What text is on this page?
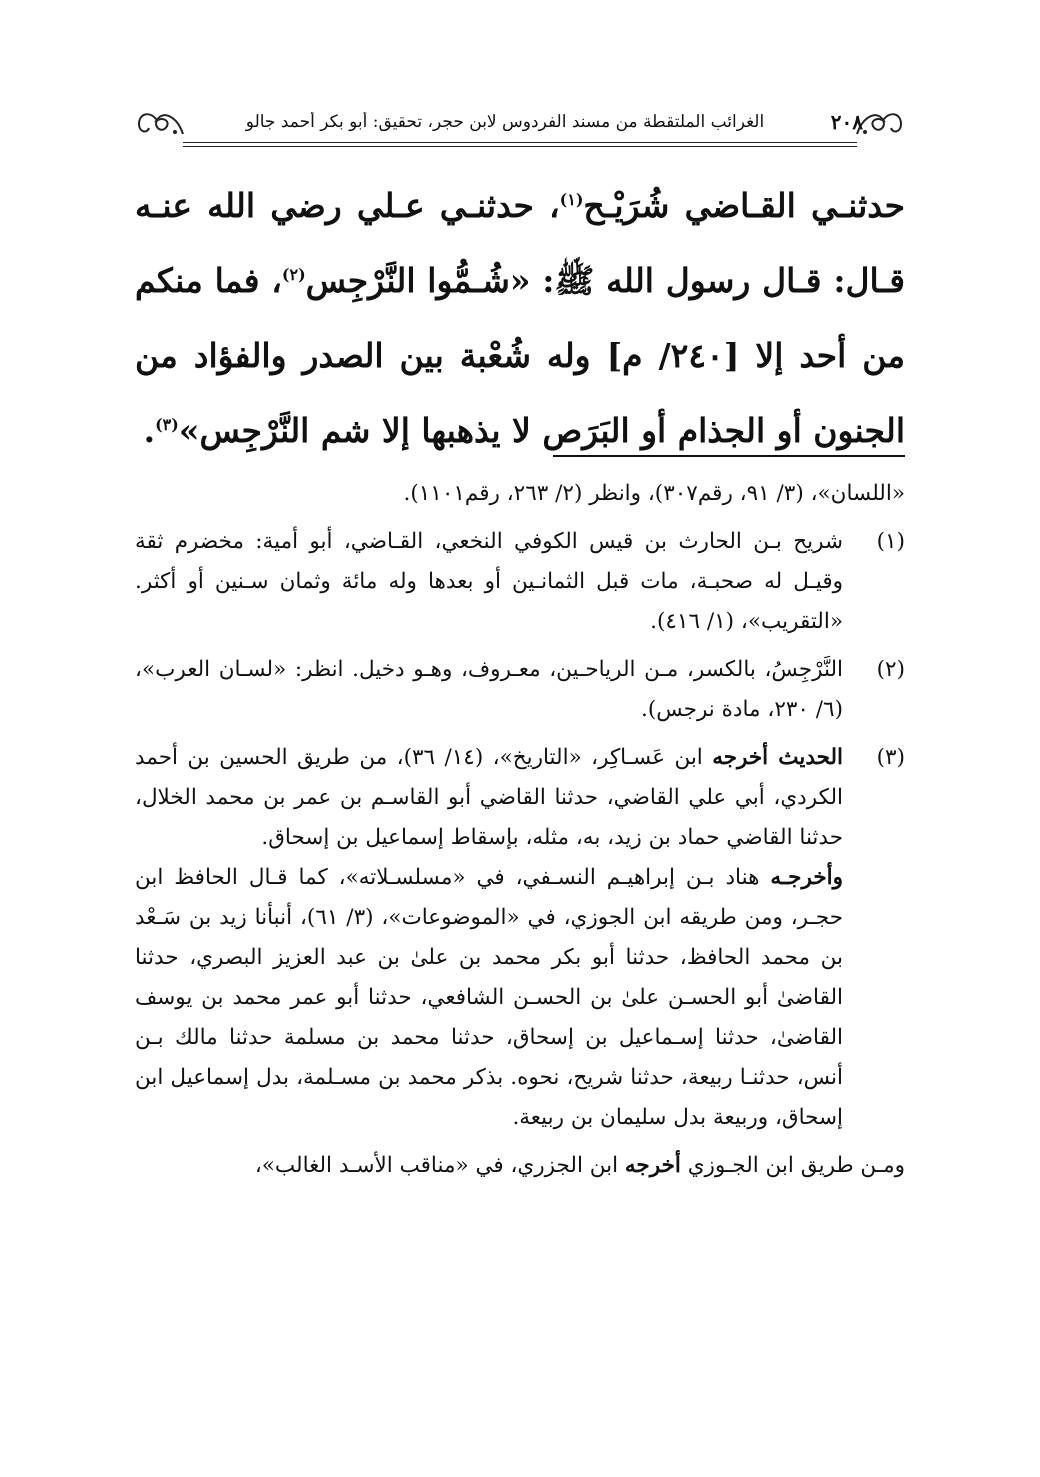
٢٠٨
الغرائب الملتقطة من مسند الفردوس لابن حجر، تحقيق: أبو بكر أحمد جالو
حدثنـي القـاضي شُرَيْـح$^{(١)}$، حدثنـي عـلي رضي الله عنـه قـال: قـال رسول الله ﷺ: «شُـمُّوا النَّرْجِس$^{(٢)}$، فما منكم من أحد إلا [٢٤٠/ م] وله شُعْبة بين الصدر والفؤاد من الجنون أو الجذام أو البَرَص لا يذهبها إلا شم النَّرْجِس»$^{(٣)}$.

«اللسان»، (٣/ ٩١، رقم٣٠٧)، وانظر (٢/ ٢٦٣، رقم١١٠١).

(١)
شريح بـن الحارث بن قيس الكوفي النخعي، القـاضي، أبو أمية: مخضرم ثقة وقيـل له صحبـة، مات قبل الثمانـين أو بعدها وله مائة وثمان سـنين أو أكثر. «التقريب»، (١/ ٤١٦).
(٢)
النَّرْجِسُ، بالكسر، مـن الرياحـين، معـروف، وهـو دخيل. انظر: «لسـان العرب»، (٦/ ٢٣٠، مادة نرجس).
(٣)
الحديث أخرجه ابن عَسـاكِر، «التاريخ»، (١٤/ ٣٦)، من طريق الحسين بن أحمد الكردي، أبي علي القاضي، حدثنا القاضي أبو القاسـم بن عمر بن محمد الخلال، حدثنا القاضي حماد بن زيد، به، مثله، بإسقاط إسماعيل بن إسحاق.
وأخرجـه هناد بـن إبراهيـم النسـفي، في «مسلسـلاته»، كما قـال الحافظ ابن حجـر، ومن طريقه ابن الجوزي، في «الموضوعات»، (٣/ ٦١)، أنبأنا زيد بن سَـعْد بن محمد الحافظ، حدثنا أبو بكر محمد بن علىٰ بن عبد العزيز البصري، حدثنا القاضىٰ أبو الحسـن علىٰ بن الحسـن الشافعي، حدثنا أبو عمر محمد بن يوسف القاضىٰ، حدثنا إسـماعيل بن إسحاق، حدثنا محمد بن مسلمة حدثنا مالك بـن أنس، حدثنـا ربيعة، حدثنا شريح، نحوه. بذكر محمد بن مسـلمة، بدل إسماعيل ابن إسحاق، وربيعة بدل سليمان بن ربيعة.

ومـن طريق ابن الجـوزي أخرجه ابن الجزري، في «مناقب الأسـد الغالب»،
